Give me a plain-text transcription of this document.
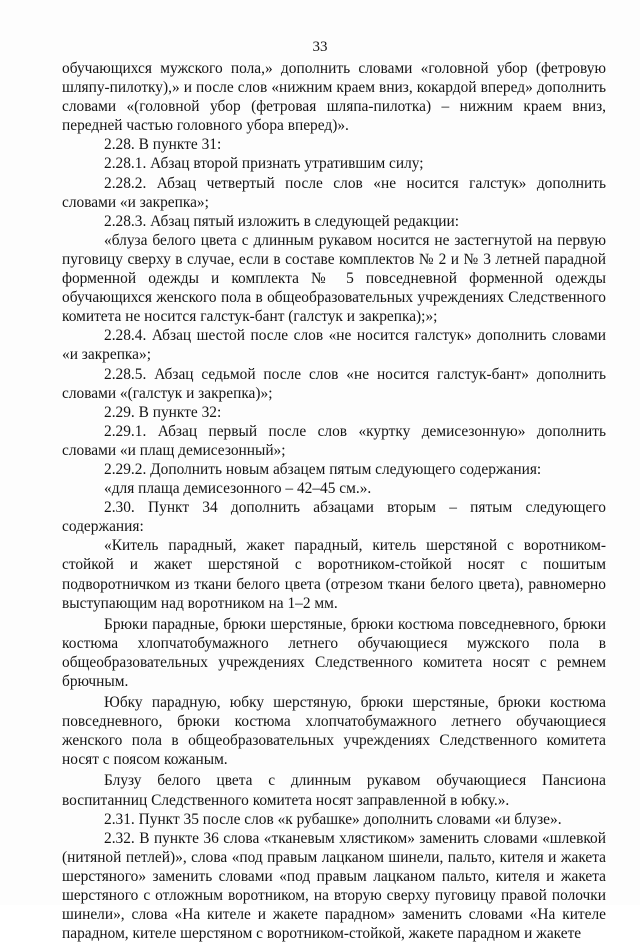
33

обучающихся мужского пола,» дополнить словами «головной убор (фетровую шляпу-пилотку),» и после слов «нижним краем вниз, кокардой вперед» дополнить словами «(головной убор (фетровая шляпа-пилотка) – нижним краем вниз, передней частью головного убора вперед)».

2.28. В пункте 31:

2.28.1. Абзац второй признать утратившим силу;

2.28.2. Абзац четвертый после слов «не носится галстук» дополнить словами «и закрепка»;

2.28.3. Абзац пятый изложить в следующей редакции:

«блуза белого цвета с длинным рукавом носится не застегнутой на первую пуговицу сверху в случае, если в составе комплектов № 2 и № 3 летней парадной форменной одежды и комплекта № 5 повседневной форменной одежды обучающихся женского пола в общеобразовательных учреждениях Следственного комитета не носится галстук-бант (галстук и закрепка);»;

2.28.4. Абзац шестой после слов «не носится галстук» дополнить словами «и закрепка»;

2.28.5. Абзац седьмой после слов «не носится галстук-бант» дополнить словами «(галстук и закрепка)»;

2.29. В пункте 32:

2.29.1. Абзац первый после слов «куртку демисезонную» дополнить словами «и плащ демисезонный»;

2.29.2. Дополнить новым абзацем пятым следующего содержания:

«для плаща демисезонного – 42–45 см.».

2.30. Пункт 34 дополнить абзацами вторым – пятым следующего содержания:

«Китель парадный, жакет парадный, китель шерстяной с воротником-стойкой и жакет шерстяной с воротником-стойкой носят с пошитым подворотничком из ткани белого цвета (отрезом ткани белого цвета), равномерно выступающим над воротником на 1–2 мм.

Брюки парадные, брюки шерстяные, брюки костюма повседневного, брюки костюма хлопчатобумажного летнего обучающиеся мужского пола в общеобразовательных учреждениях Следственного комитета носят с ремнем брючным.

Юбку парадную, юбку шерстяную, брюки шерстяные, брюки костюма повседневного, брюки костюма хлопчатобумажного летнего обучающиеся женского пола в общеобразовательных учреждениях Следственного комитета носят с поясом кожаным.

Блузу белого цвета с длинным рукавом обучающиеся Пансиона воспитанниц Следственного комитета носят заправленной в юбку.».

2.31. Пункт 35 после слов «к рубашке» дополнить словами «и блузе».

2.32. В пункте 36 слова «тканевым хлястиком» заменить словами «шлевкой (нитяной петлей)», слова «под правым лацканом шинели, пальто, кителя и жакета шерстяного» заменить словами «под правым лацканом пальто, кителя и жакета шерстяного с отложным воротником, на вторую сверху пуговицу правой полочки шинели», слова «На кителе и жакете парадном» заменить словами «На кителе парадном, кителе шерстяном с воротником-стойкой, жакете парадном и жакете
